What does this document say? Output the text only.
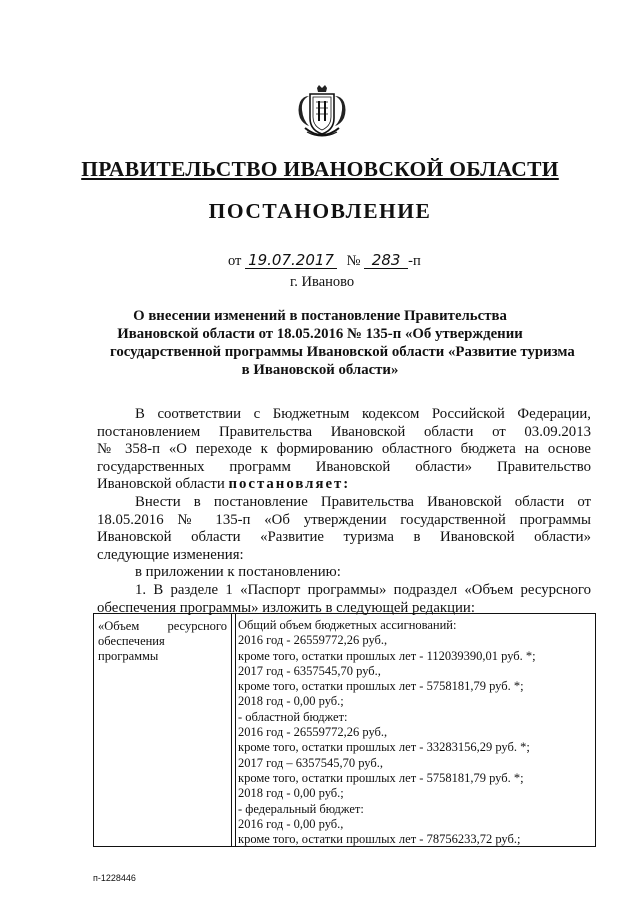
ПРАВИТЕЛЬСТВО ИВАНОВСКОЙ ОБЛАСТИ
ПОСТАНОВЛЕНИЕ
от 19.07.2017 № 283 -п
г. Иваново
О внесении изменений в постановление Правительства
Ивановской области от 18.05.2016 № 135-п «Об утверждении
государственной программы Ивановской области «Развитие туризма
в Ивановской области»
В соответствии с Бюджетным кодексом Российской Федерации,
постановлением Правительства Ивановской области от 03.09.2013
№ 358-п «О переходе к формированию областного бюджета на основе
государственных программ Ивановской области» Правительство
Ивановской области постановляет:
Внести в постановление Правительства Ивановской области от
18.05.2016 № 135-п «Об утверждении государственной программы
Ивановской области «Развитие туризма в Ивановской области»
следующие изменения:
в приложении к постановлению:
1. В разделе 1 «Паспорт программы» подраздел «Объем ресурсного
обеспечения программы» изложить в следующей редакции:
«Объем ресурсного
обеспечения
программы
Общий объем бюджетных ассигнований:
2016 год - 26559772,26 руб.,
кроме того, остатки прошлых лет - 112039390,01 руб. *;
2017 год - 6357545,70 руб.,
кроме того, остатки прошлых лет - 5758181,79 руб. *;
2018 год - 0,00 руб.;
- областной бюджет:
2016 год - 26559772,26 руб.,
кроме того, остатки прошлых лет - 33283156,29 руб. *;
2017 год – 6357545,70 руб.,
кроме того, остатки прошлых лет - 5758181,79 руб. *;
2018 год - 0,00 руб.;
- федеральный бюджет:
2016 год - 0,00 руб.,
кроме того, остатки прошлых лет - 78756233,72 руб.;
п-1228446
